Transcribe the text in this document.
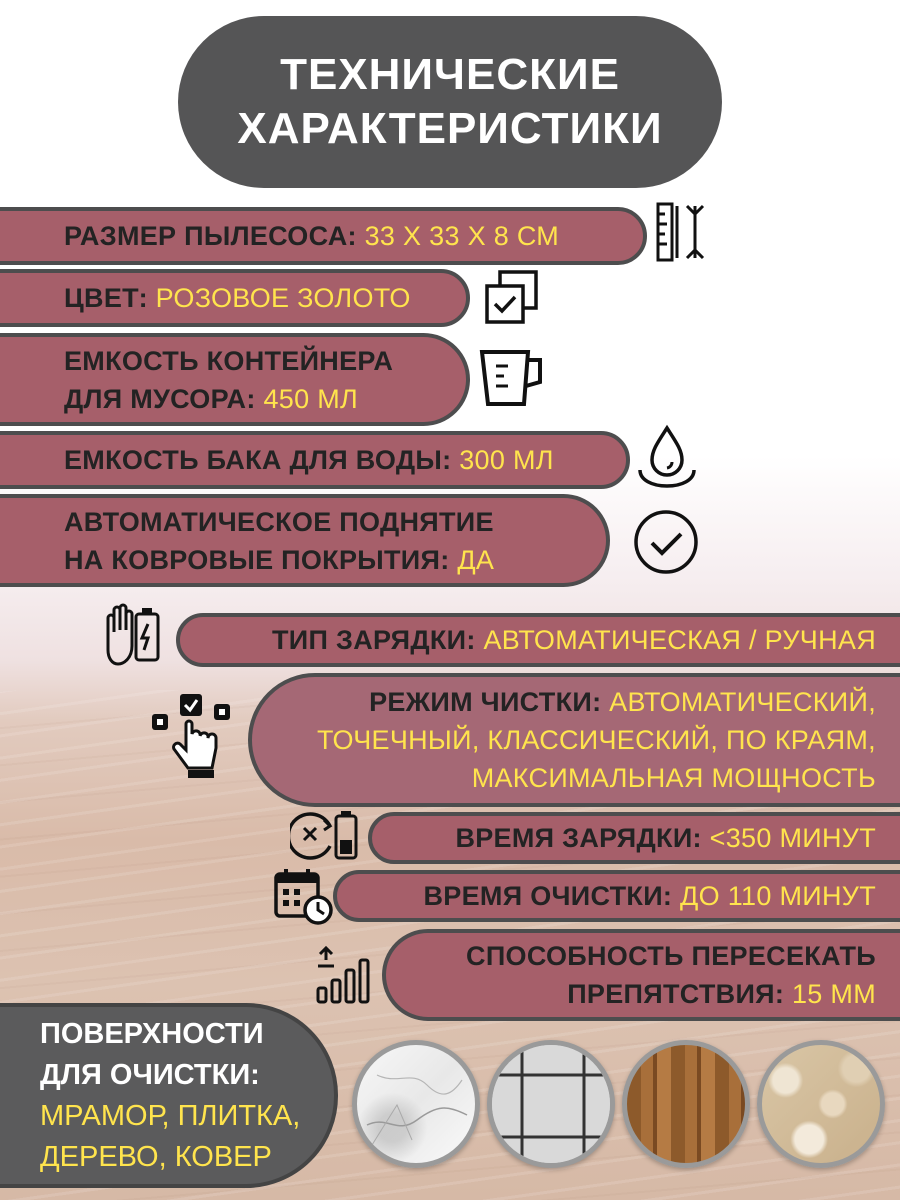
ТЕХНИЧЕСКИЕ
ХАРАКТЕРИСТИКИ
РАЗМЕР ПЫЛЕСОСА: 33 X 33 X 8 СМ
ЦВЕТ: РОЗОВОЕ ЗОЛОТО
ЕМКОСТЬ КОНТЕЙНЕРА
ДЛЯ МУСОРА: 450 МЛ
ЕМКОСТЬ БАКА ДЛЯ ВОДЫ: 300 МЛ
АВТОМАТИЧЕСКОЕ ПОДНЯТИЕ
НА КОВРОВЫЕ ПОКРЫТИЯ: ДА
ТИП ЗАРЯДКИ: АВТОМАТИЧЕСКАЯ / РУЧНАЯ
РЕЖИМ ЧИСТКИ: АВТОМАТИЧЕСКИЙ,
ТОЧЕЧНЫЙ, КЛАССИЧЕСКИЙ, ПО КРАЯМ,
МАКСИМАЛЬНАЯ МОЩНОСТЬ
ВРЕМЯ ЗАРЯДКИ: <350 МИНУТ
ВРЕМЯ ОЧИСТКИ: ДО 110 МИНУТ
СПОСОБНОСТЬ ПЕРЕСЕКАТЬ
ПРЕПЯТСТВИЯ: 15 ММ
ПОВЕРХНОСТИ
ДЛЯ ОЧИСТКИ:
МРАМОР, ПЛИТКА,
ДЕРЕВО, КОВЕР
